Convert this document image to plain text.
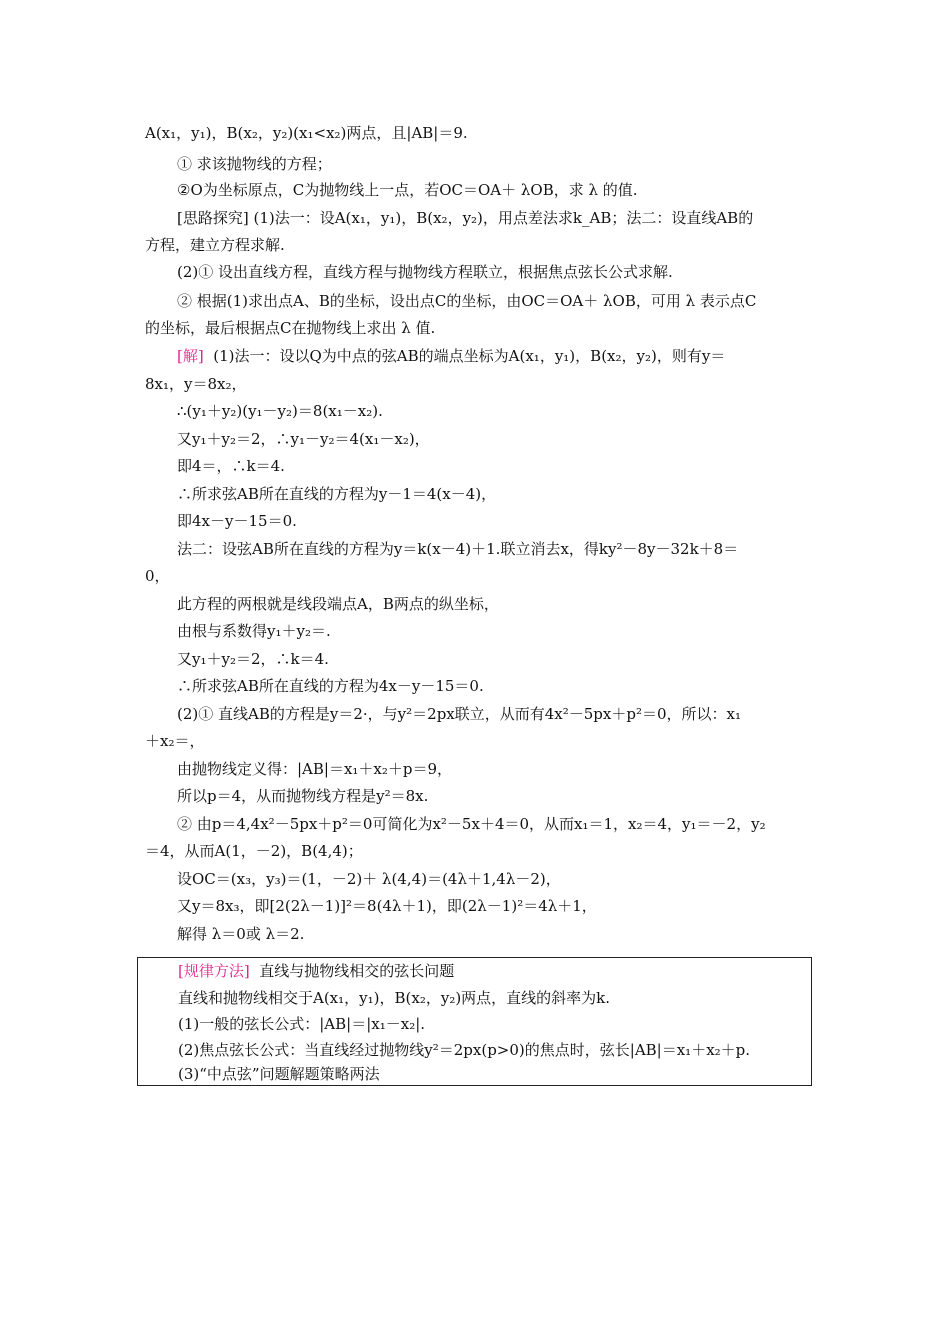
A(x₁，y₁)，B(x₂，y₂)(x₁<x₂)两点，且|AB|＝9.

① 求该抛物线的方程；

②O为坐标原点，C为抛物线上一点，若OC＝OA＋ λOB，求 λ 的值.

[思路探究] (1)法一：设A(x₁，y₁)，B(x₂，y₂)，用点差法求k_AB；法二：设直线AB的

方程，建立方程求解.

(2)① 设出直线方程，直线方程与抛物线方程联立，根据焦点弦长公式求解.

② 根据(1)求出点A、B的坐标，设出点C的坐标，由OC＝OA＋ λOB，可用 λ 表示点C

的坐标，最后根据点C在抛物线上求出 λ 值.

[解] (1)法一：设以Q为中点的弦AB的端点坐标为A(x₁，y₁)，B(x₂，y₂)，则有y＝

8x₁，y＝8x₂，

∴(y₁＋y₂)(y₁－y₂)＝8(x₁－x₂).

又y₁＋y₂＝2，∴y₁－y₂＝4(x₁－x₂)，

即4＝，∴k＝4.

∴所求弦AB所在直线的方程为y－1＝4(x－4)，

即4x－y－15＝0.

法二：设弦AB所在直线的方程为y＝k(x－4)＋1.联立消去x，得ky²－8y－32k＋8＝

0，

此方程的两根就是线段端点A，B两点的纵坐标，

由根与系数得y₁＋y₂＝.

又y₁＋y₂＝2，∴k＝4.

∴所求弦AB所在直线的方程为4x－y－15＝0.

(2)① 直线AB的方程是y＝2·，与y²＝2px联立，从而有4x²－5px＋p²＝0，所以：x₁

＋x₂＝，

由抛物线定义得：|AB|＝x₁＋x₂＋p＝9，

所以p＝4，从而抛物线方程是y²＝8x.

② 由p＝4,4x²－5px＋p²＝0可简化为x²－5x＋4＝0，从而x₁＝1，x₂＝4，y₁＝－2，y₂

＝4，从而A(1，－2)，B(4,4)；

设OC＝(x₃，y₃)＝(1，－2)＋ λ(4,4)＝(4λ＋1,4λ－2)，

又y＝8x₃，即[2(2λ－1)]²＝8(4λ＋1)，即(2λ－1)²＝4λ＋1，

解得 λ＝0或 λ＝2.

[规律方法] 直线与抛物线相交的弦长问题

直线和抛物线相交于A(x₁，y₁)，B(x₂，y₂)两点，直线的斜率为k.

(1)一般的弦长公式：|AB|＝|x₁－x₂|.

(2)焦点弦长公式：当直线经过抛物线y²＝2px(p>0)的焦点时，弦长|AB|＝x₁＋x₂＋p.

(3)“中点弦”问题解题策略两法
